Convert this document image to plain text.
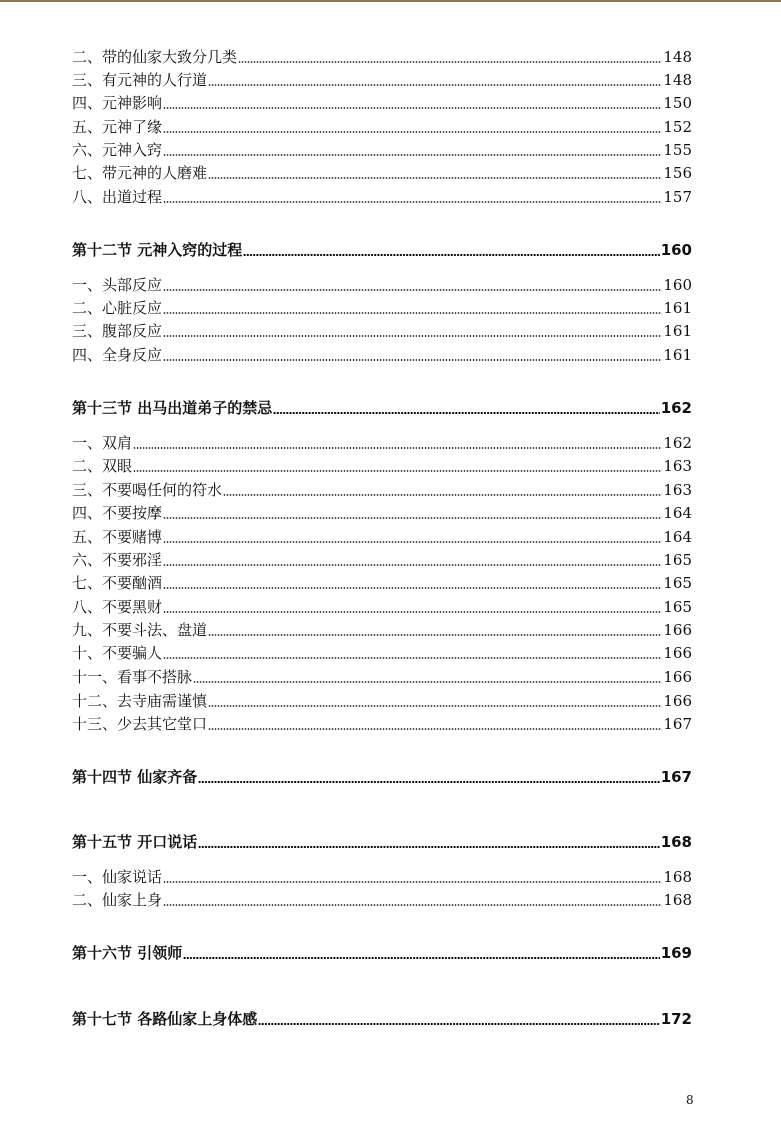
二、带的仙家大致分几类	148
三、有元神的人行道	148
四、元神影响	150
五、元神了缘	152
六、元神入窍	155
七、带元神的人磨难	156
八、出道过程	157
第十二节 元神入窍的过程	160
一、头部反应	160
二、心脏反应	161
三、腹部反应	161
四、全身反应	161
第十三节 出马出道弟子的禁忌	162
一、双肩	162
二、双眼	163
三、不要喝任何的符水	163
四、不要按摩	164
五、不要赌博	164
六、不要邪淫	165
七、不要酗酒	165
八、不要黑财	165
九、不要斗法、盘道	166
十、不要骗人	166
十一、看事不搭脉	166
十二、去寺庙需谨慎	166
十三、少去其它堂口	167
第十四节 仙家齐备	167
第十五节 开口说话	168
一、仙家说话	168
二、仙家上身	168
第十六节 引领师	169
第十七节 各路仙家上身体感	172
8
